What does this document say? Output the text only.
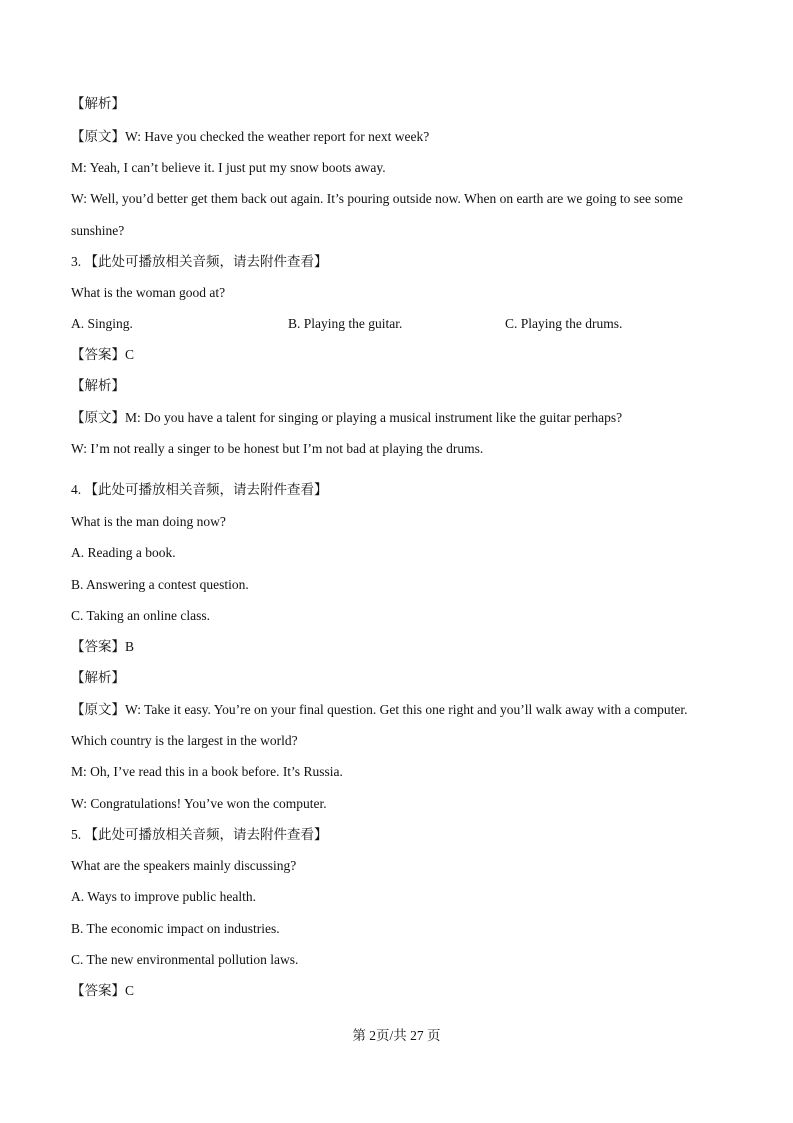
【解析】
【原文】W: Have you checked the weather report for next week?
M: Yeah, I can’t believe it. I just put my snow boots away.
W: Well, you’d better get them back out again. It’s pouring outside now. When on earth are we going to see some
sunshine?
3. 【此处可播放相关音频，请去附件查看】
What is the woman good at?
A. Singing.	B. Playing the guitar.	C. Playing the drums.
【答案】C
【解析】
【原文】M: Do you have a talent for singing or playing a musical instrument like the guitar perhaps?
W: I’m not really a singer to be honest but I’m not bad at playing the drums.
4. 【此处可播放相关音频，请去附件查看】
What is the man doing now?
A. Reading a book.
B. Answering a contest question.
C. Taking an online class.
【答案】B
【解析】
【原文】W: Take it easy. You’re on your final question. Get this one right and you’ll walk away with a computer.
Which country is the largest in the world?
M: Oh, I’ve read this in a book before. It’s Russia.
W: Congratulations! You’ve won the computer.
5. 【此处可播放相关音频，请去附件查看】
What are the speakers mainly discussing?
A. Ways to improve public health.
B. The economic impact on industries.
C. The new environmental pollution laws.
【答案】C
第 2页/共 27 页
